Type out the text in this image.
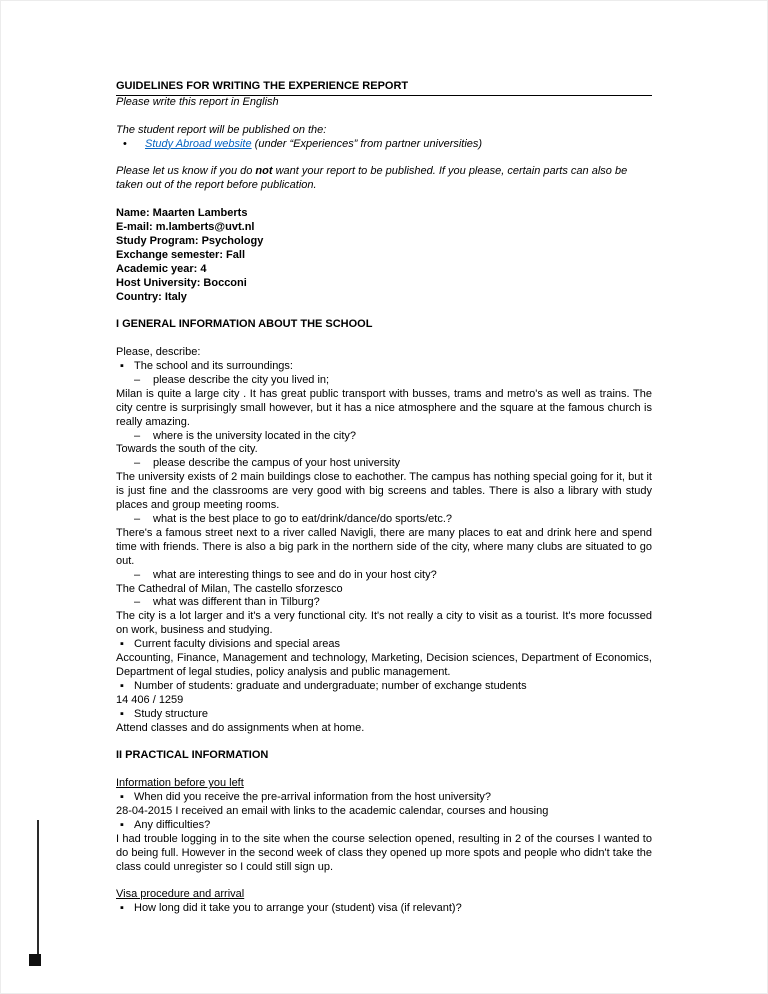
GUIDELINES FOR WRITING THE EXPERIENCE REPORT

Please write this report in English

The student report will be published on the:

•	Study Abroad website (under “Experiences” from partner universities)

Please let us know if you do not want your report to be published. If you please, certain parts can also be taken out of the report before publication.

Name: Maarten Lamberts

E-mail: m.lamberts@uvt.nl

Study Program: Psychology

Exchange semester: Fall

Academic year: 4

Host University: Bocconi

Country: Italy

I GENERAL INFORMATION ABOUT THE SCHOOL

Please, describe:

▪ The school and its surroundings:
–	please describe the city you lived in;

Milan is quite a large city . It has great public transport with busses, trams and metro's as well as trains. The city centre is surprisingly small however, but it has a nice atmosphere and the square at the famous church is really amazing.

–	where is the university located in the city?

Towards the south of the city.

–	please describe the campus of your host university

The university exists of 2 main buildings close to eachother. The campus has nothing special going for it, but it is just fine and the classrooms are very good with big screens and tables. There is also a library with study places and group meeting rooms.

–	what is the best place to go to eat/drink/dance/do sports/etc.?

There's a famous street next to a river called Navigli, there are many places to eat and drink here and spend time with friends. There is also a big park in the northern side of the city, where many clubs are situated to go out.

–	what are interesting things to see and do in your host city?

The Cathedral of Milan, The castello sforzesco

–	what was different than in Tilburg?

The city is a lot larger and it's a very functional city. It's not really a city to visit as a tourist. It's more focussed on work, business and studying.

▪ Current faculty divisions and special areas

Accounting, Finance, Management and technology, Marketing, Decision sciences, Department of Economics, Department of legal studies, policy analysis and public management.

▪ Number of students: graduate and undergraduate; number of exchange students

14 406 / 1259

▪ Study structure

Attend classes and do assignments when at home.

II PRACTICAL INFORMATION

Information before you left

▪ When did you receive the pre-arrival information from the host university?

28-04-2015 I received an email with links to the academic calendar, courses and housing

▪ Any difficulties?

I had trouble logging in to the site when the course selection opened, resulting in 2 of the courses I wanted to do being full. However in the second week of class they opened up more spots and people who didn't take the class could unregister so I could still sign up.

Visa procedure and arrival

▪ How long did it take you to arrange your (student) visa (if relevant)?
